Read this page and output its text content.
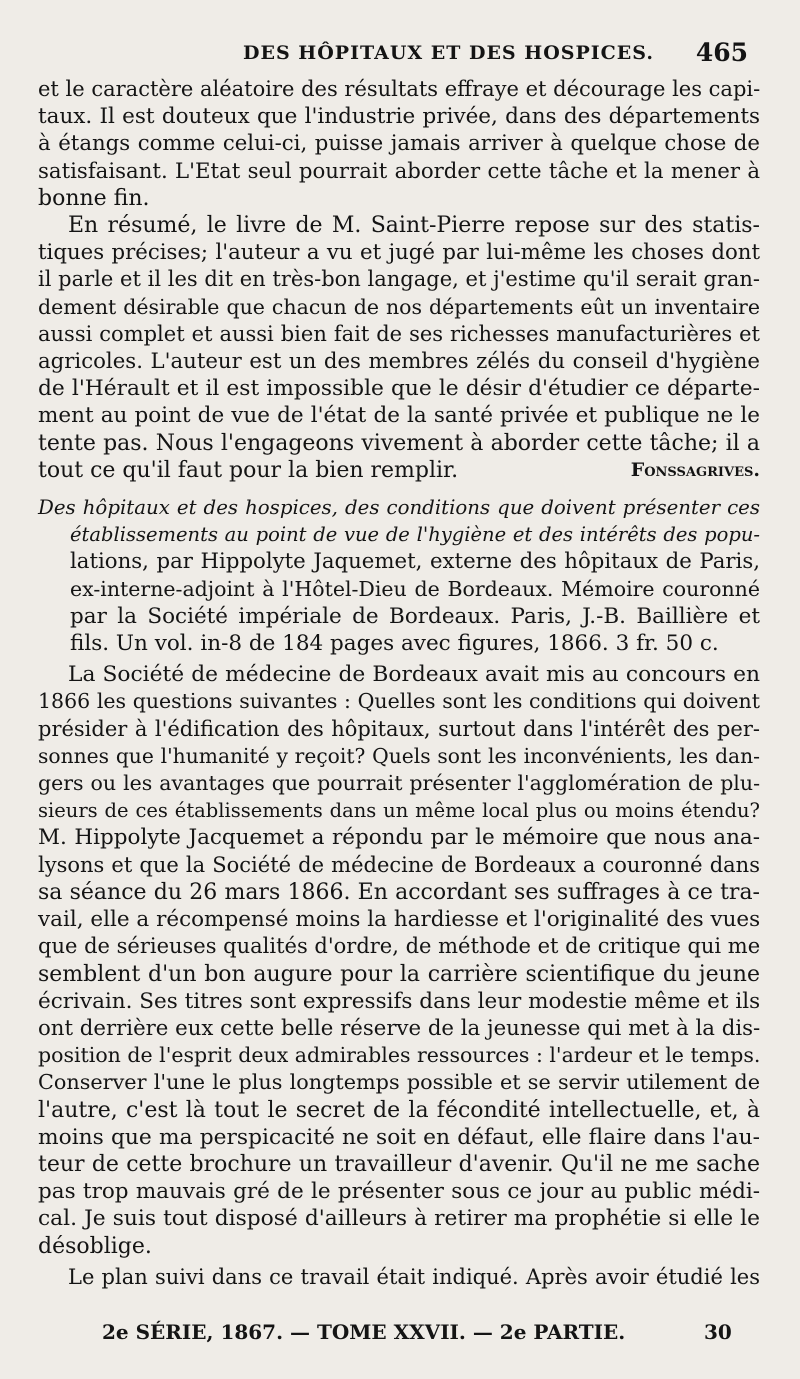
DES HÔPITAUX ET DES HOSPICES. 465
et le caractère aléatoire des résultats effraye et décourage les capi-
taux. Il est douteux que l'industrie privée, dans des départements
à étangs comme celui-ci, puisse jamais arriver à quelque chose de
satisfaisant. L'Etat seul pourrait aborder cette tâche et la mener à
bonne fin.
En résumé, le livre de M. Saint-Pierre repose sur des statis-
tiques précises; l'auteur a vu et jugé par lui-même les choses dont
il parle et il les dit en très-bon langage, et j'estime qu'il serait gran-
dement désirable que chacun de nos départements eût un inventaire
aussi complet et aussi bien fait de ses richesses manufacturières et
agricoles. L'auteur est un des membres zélés du conseil d'hygiène
de l'Hérault et il est impossible que le désir d'étudier ce départe-
ment au point de vue de l'état de la santé privée et publique ne le
tente pas. Nous l'engageons vivement à aborder cette tâche; il a
tout ce qu'il faut pour la bien remplir.	Fonssagrives.
Des hôpitaux et des hospices, des conditions que doivent présenter ces
établissements au point de vue de l'hygiène et des intérêts des popu-
lations, par Hippolyte Jaquemet, externe des hôpitaux de Paris,
ex-interne-adjoint à l'Hôtel-Dieu de Bordeaux. Mémoire couronné
par la Société impériale de Bordeaux. Paris, J.-B. Baillière et
fils. Un vol. in-8 de 184 pages avec figures, 1866. 3 fr. 50 c.
La Société de médecine de Bordeaux avait mis au concours en
1866 les questions suivantes : Quelles sont les conditions qui doivent
présider à l'édification des hôpitaux, surtout dans l'intérêt des per-
sonnes que l'humanité y reçoit? Quels sont les inconvénients, les dan-
gers ou les avantages que pourrait présenter l'agglomération de plu-
sieurs de ces établissements dans un même local plus ou moins étendu?
M. Hippolyte Jacquemet a répondu par le mémoire que nous ana-
lysons et que la Société de médecine de Bordeaux a couronné dans
sa séance du 26 mars 1866. En accordant ses suffrages à ce tra-
vail, elle a récompensé moins la hardiesse et l'originalité des vues
que de sérieuses qualités d'ordre, de méthode et de critique qui me
semblent d'un bon augure pour la carrière scientifique du jeune
écrivain. Ses titres sont expressifs dans leur modestie même et ils
ont derrière eux cette belle réserve de la jeunesse qui met à la dis-
position de l'esprit deux admirables ressources : l'ardeur et le temps.
Conserver l'une le plus longtemps possible et se servir utilement de
l'autre, c'est là tout le secret de la fécondité intellectuelle, et, à
moins que ma perspicacité ne soit en défaut, elle flaire dans l'au-
teur de cette brochure un travailleur d'avenir. Qu'il ne me sache
pas trop mauvais gré de le présenter sous ce jour au public médi-
cal. Je suis tout disposé d'ailleurs à retirer ma prophétie si elle le
désoblige.
Le plan suivi dans ce travail était indiqué. Après avoir étudié les
2e SÉRIE, 1867. — TOME XXVII. — 2e PARTIE.	30
